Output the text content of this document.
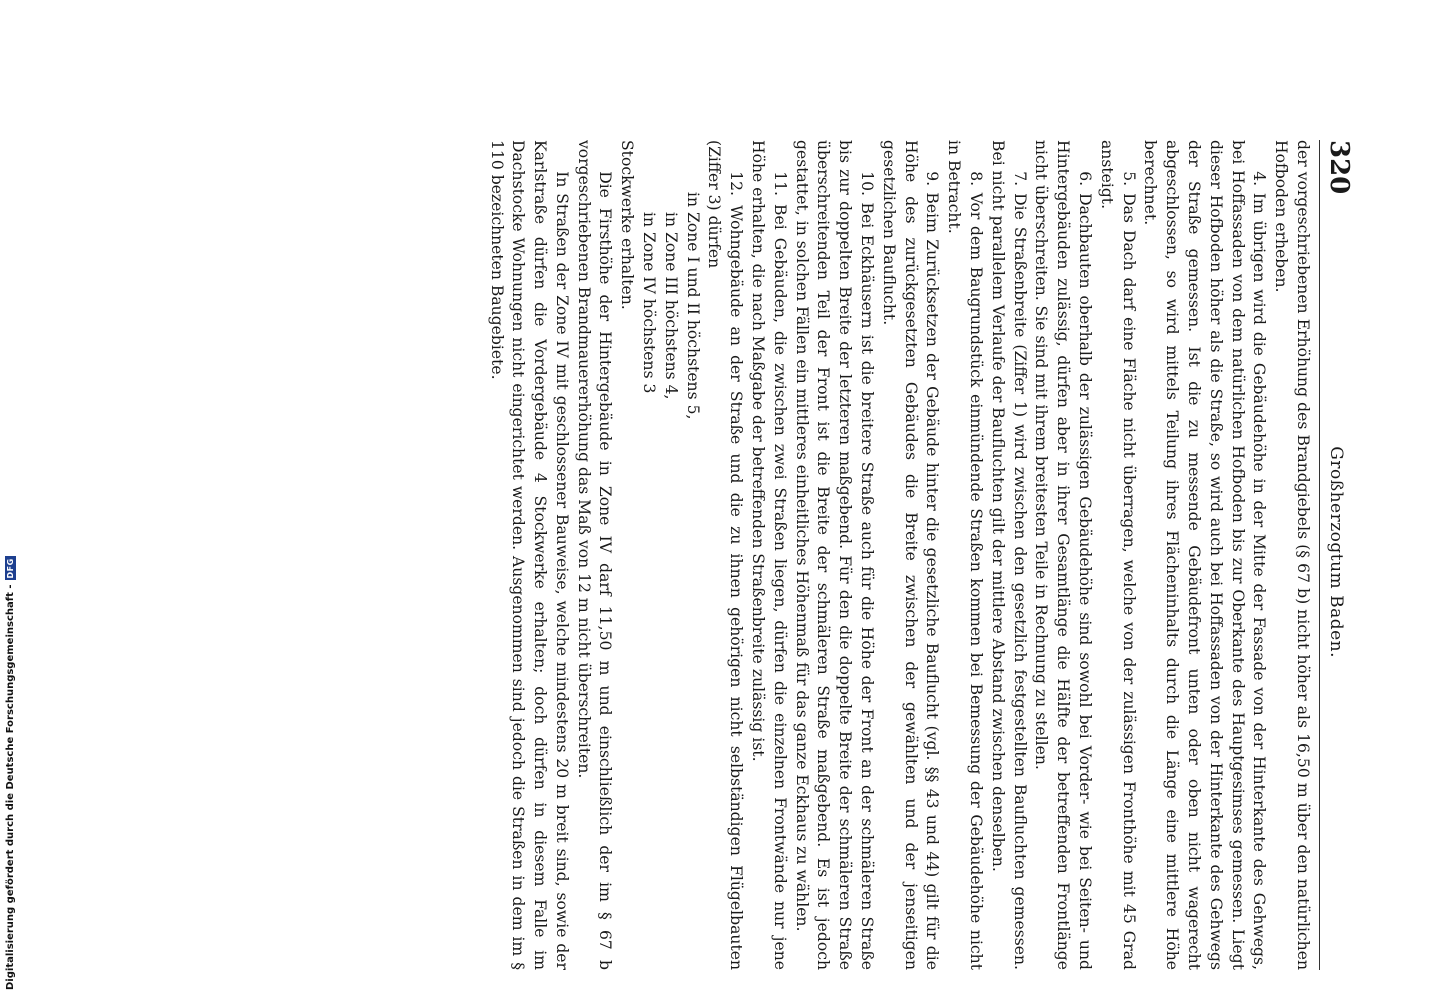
320
Großherzogtum Baden.

der vorgeschriebenen Erhöhung des Brandgiebels (§ 67 b) nicht höher als 16,50 m über den natürlichen Hofboden erheben.

4. Im übrigen wird die Gebäudehöhe in der Mitte der Fassade von der Hinterkante des Gehwegs, bei Hoffassaden von dem natürlichen Hofboden bis zur Oberkante des Hauptgesimses gemessen. Liegt dieser Hofboden höher als die Straße, so wird auch bei Hoffassaden von der Hinterkante des Gehwegs der Straße gemessen. Ist die zu messende Gebäudefront unten oder oben nicht wagerecht abgeschlossen, so wird mittels Teilung ihres Flächeninhalts durch die Länge eine mittlere Höhe berechnet.

5. Das Dach darf eine Fläche nicht überragen, welche von der zulässigen Fronthöhe mit 45 Grad ansteigt.

6. Dachbauten oberhalb der zulässigen Gebäudehöhe sind sowohl bei Vorder- wie bei Seiten- und Hintergebäuden zulässig, dürfen aber in ihrer Gesamtlänge die Hälfte der betreffenden Frontlänge nicht überschreiten. Sie sind mit ihrem breitesten Teile in Rechnung zu stellen.

7. Die Straßenbreite (Ziffer 1) wird zwischen den gesetzlich festgestellten Baufluchten gemessen. Bei nicht parallelem Verlaufe der Baufluchten gilt der mittlere Abstand zwischen denselben.

8. Vor dem Baugrundstück einmündende Straßen kommen bei Bemessung der Gebäudehöhe nicht in Betracht.

9. Beim Zurücksetzen der Gebäude hinter die gesetzliche Bauflucht (vgl. §§ 43 und 44) gilt für die Höhe des zurückgesetzten Gebäudes die Breite zwischen der gewählten und der jenseitigen gesetzlichen Bauflucht.

10. Bei Eckhäusern ist die breitere Straße auch für die Höhe der Front an der schmäleren Straße bis zur doppelten Breite der letzteren maßgebend. Für den die doppelte Breite der schmäleren Straße überschreitenden Teil der Front ist die Breite der schmäleren Straße maßgebend. Es ist jedoch gestattet, in solchen Fällen ein mittleres einheitliches Höhenmaß für das ganze Eckhaus zu wählen.

11. Bei Gebäuden, die zwischen zwei Straßen liegen, dürfen die einzelnen Frontwände nur jene Höhe erhalten, die nach Maßgabe der betreffenden Straßenbreite zulässig ist.

12. Wohngebäude an der Straße und die zu ihnen gehörigen nicht selbständigen Flügelbauten (Ziffer 3) dürfen

in Zone I und II höchstens 5,

in Zone III höchstens 4,

in Zone IV höchstens 3

Stockwerke erhalten.

Die Firsthöhe der Hintergebäude in Zone IV darf 11,50 m und einschließlich der im § 67 b vorgeschriebenen Brandmauererhöhung das Maß von 12 m nicht überschreiten.

In Straßen der Zone IV mit geschlossener Bauweise, welche mindestens 20 m breit sind, sowie der Karlstraße dürfen die Vordergebäude 4 Stockwerke erhalten; doch dürfen in diesem Falle im Dachstocke Wohnungen nicht eingerichtet werden. Ausgenommen sind jedoch die Straßen in dem im § 110 bezeichneten Baugebiete.

Digitalisierung gefördert durch die Deutsche Forschungsgemeinschaft -
DFG
